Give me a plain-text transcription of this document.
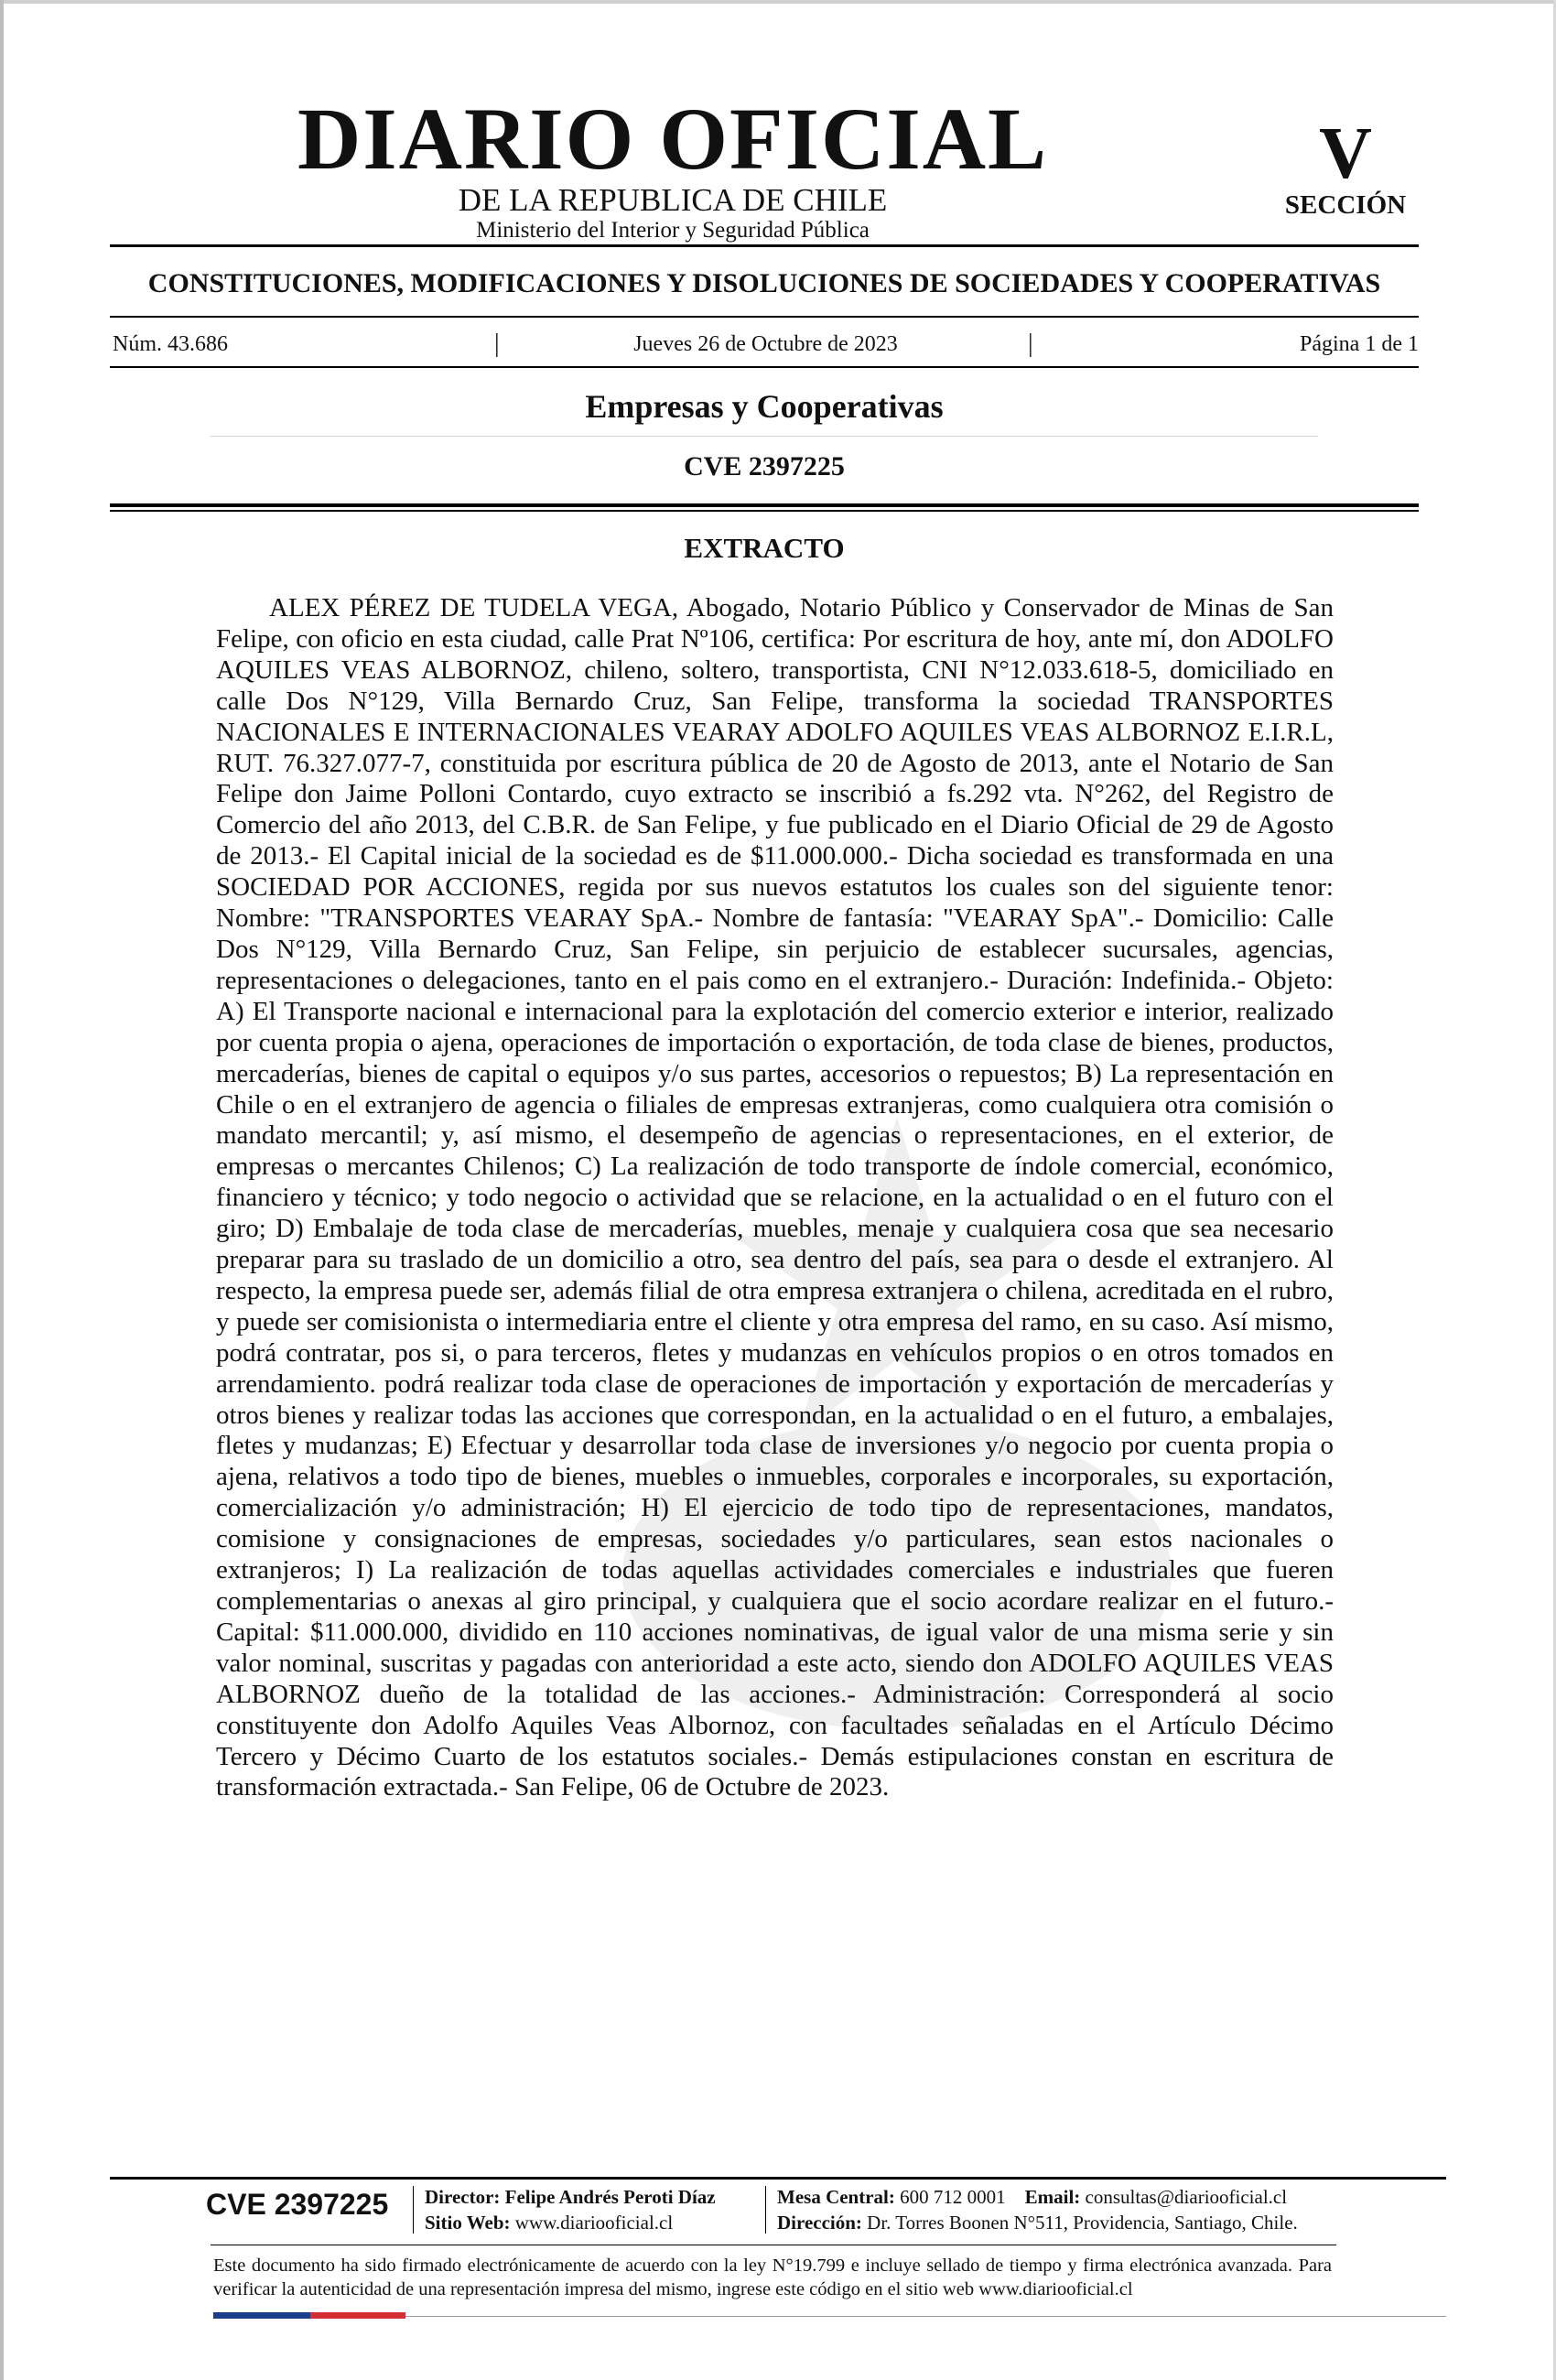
DIARIO OFICIAL
DE LA REPUBLICA DE CHILE
Ministerio del Interior y Seguridad Pública
V
SECCIÓN
CONSTITUCIONES, MODIFICACIONES Y DISOLUCIONES DE SOCIEDADES Y COOPERATIVAS
Núm. 43.686	|	Jueves 26 de Octubre de 2023	|	Página 1 de 1
Empresas y Cooperativas
CVE 2397225
EXTRACTO

ALEX PÉREZ DE TUDELA VEGA, Abogado, Notario Público y Conservador de Minas de San Felipe, con oficio en esta ciudad, calle Prat Nº106, certifica: Por escritura de hoy, ante mí, don ADOLFO AQUILES VEAS ALBORNOZ, chileno, soltero, transportista, CNI N°12.033.618-5, domiciliado en calle Dos N°129, Villa Bernardo Cruz, San Felipe, transforma la sociedad TRANSPORTES NACIONALES E INTERNACIONALES VEARAY ADOLFO AQUILES VEAS ALBORNOZ E.I.R.L, RUT. 76.327.077-7, constituida por escritura pública de 20 de Agosto de 2013, ante el Notario de San Felipe don Jaime Polloni Contardo, cuyo extracto se inscribió a fs.292 vta. N°262, del Registro de Comercio del año 2013, del C.B.R. de San Felipe, y fue publicado en el Diario Oficial de 29 de Agosto de 2013.- El Capital inicial de la sociedad es de $11.000.000.- Dicha sociedad es transformada en una SOCIEDAD POR ACCIONES, regida por sus nuevos estatutos los cuales son del siguiente tenor: Nombre: "TRANSPORTES VEARAY SpA.- Nombre de fantasía: "VEARAY SpA".- Domicilio: Calle Dos N°129, Villa Bernardo Cruz, San Felipe, sin perjuicio de establecer sucursales, agencias, representaciones o delegaciones, tanto en el pais como en el extranjero.- Duración: Indefinida.- Objeto: A) El Transporte nacional e internacional para la explotación del comercio exterior e interior, realizado por cuenta propia o ajena, operaciones de importación o exportación, de toda clase de bienes, productos, mercaderías, bienes de capital o equipos y/o sus partes, accesorios o repuestos; B) La representación en Chile o en el extranjero de agencia o filiales de empresas extranjeras, como cualquiera otra comisión o mandato mercantil; y, así mismo, el desempeño de agencias o representaciones, en el exterior, de empresas o mercantes Chilenos; C) La realización de todo transporte de índole comercial, económico, financiero y técnico; y todo negocio o actividad que se relacione, en la actualidad o en el futuro con el giro; D) Embalaje de toda clase de mercaderías, muebles, menaje y cualquiera cosa que sea necesario preparar para su traslado de un domicilio a otro, sea dentro del país, sea para o desde el extranjero. Al respecto, la empresa puede ser, además filial de otra empresa extranjera o chilena, acreditada en el rubro, y puede ser comisionista o intermediaria entre el cliente y otra empresa del ramo, en su caso. Así mismo, podrá contratar, pos si, o para terceros, fletes y mudanzas en vehículos propios o en otros tomados en arrendamiento. podrá realizar toda clase de operaciones de importación y exportación de mercaderías y otros bienes y realizar todas las acciones que correspondan, en la actualidad o en el futuro, a embalajes, fletes y mudanzas; E) Efectuar y desarrollar toda clase de inversiones y/o negocio por cuenta propia o ajena, relativos a todo tipo de bienes, muebles o inmuebles, corporales e incorporales, su exportación, comercialización y/o administración; H) El ejercicio de todo tipo de representaciones, mandatos, comisione y consignaciones de empresas, sociedades y/o particulares, sean estos nacionales o extranjeros; I) La realización de todas aquellas actividades comerciales e industriales que fueren complementarias o anexas al giro principal, y cualquiera que el socio acordare realizar en el futuro.- Capital: $11.000.000, dividido en 110 acciones nominativas, de igual valor de una misma serie y sin valor nominal, suscritas y pagadas con anterioridad a este acto, siendo don ADOLFO AQUILES VEAS ALBORNOZ dueño de la totalidad de las acciones.- Administración: Corresponderá al socio constituyente don Adolfo Aquiles Veas Albornoz, con facultades señaladas en el Artículo Décimo Tercero y Décimo Cuarto de los estatutos sociales.- Demás estipulaciones constan en escritura de transformación extractada.- San Felipe, 06 de Octubre de 2023.

CVE 2397225	Director: Felipe Andrés Peroti Díaz
Sitio Web: www.diariooficial.cl
Mesa Central: 600 712 0001 Email: consultas@diariooficial.cl
Dirección: Dr. Torres Boonen N°511, Providencia, Santiago, Chile.
Este documento ha sido firmado electrónicamente de acuerdo con la ley N°19.799 e incluye sellado de tiempo y firma electrónica avanzada. Para verificar la autenticidad de una representación impresa del mismo, ingrese este código en el sitio web www.diariooficial.cl
